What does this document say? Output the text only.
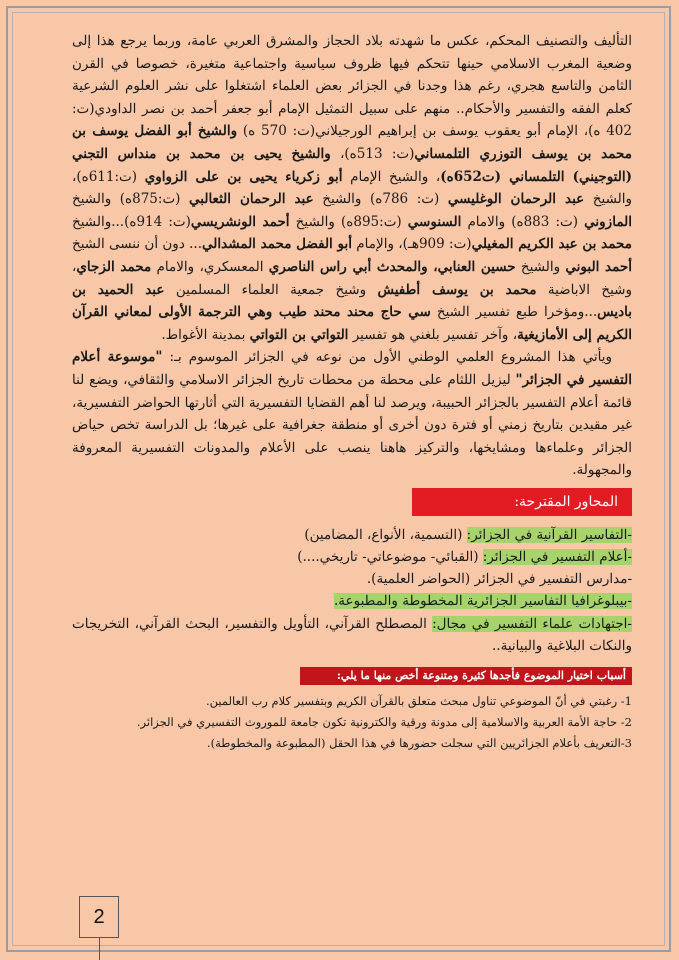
التأليف والتصنيف المحكم، عكس ما شهدته بلاد الحجاز والمشرق العربي عامة، وربما يرجع هذا إلى وضعية المغرب الاسلامي حينها تتحكم فيها ظروف سياسية واجتماعية متغيرة، خصوصا في القرن الثامن والتاسع هجري، رغم هذا وجدنا في الجزائر بعض العلماء اشتغلوا على نشر العلوم الشرعية كعلم الفقه والتفسير والأحكام.. منهم على سبيل التمثيل الإمام أبو جعفر أحمد بن نصر الداودي(ت: 402 ه)، الإمام أبو يعقوب يوسف بن إبراهيم الورجيلاني(ت: 570 ه) والشيخ أبو الفضل يوسف بن محمد بن يوسف التوزري التلمساني(ت: 513ه)، والشيخ يحيى بن محمد بن منداس التجني (التوجيني) التلمساني (ت652ه)، والشيخ الإمام أبو زكرياء يحيى بن على الزواوي (ت:611ه)، والشيخ عبد الرحمان الوغليسي (ت: 786ه) والشيخ عبد الرحمان الثعالبي (ت:875ه) والشيخ المازوني (ت: 883ه) والامام السنوسي (ت:895ه) والشيخ أحمد الونشريسي(ت: 914ه)...والشيخ محمد بن عبد الكريم المغيلي(ت: 909هـ)، والإمام أبو الفضل محمد المشدالي... دون أن ننسى الشيخ أحمد البوني والشيخ حسين العنابي، والمحدث أبي راس الناصري المعسكري، والامام محمد الزجاي، وشيخ الاباضية محمد بن يوسف أطفيش وشيخ جمعية العلماء المسلمين عبد الحميد بن باديس...ومؤخرا طبع تفسير الشيخ سي حاج محند محند طيب وهي الترجمة الأولى لمعاني القرآن الكريم إلى الأمازيغية، وآخر تفسير بلغني هو تفسير التواتي بن التواتي بمدينة الأغواط.

ويأتي هذا المشروع العلمي الوطني الأول من نوعه في الجزائر الموسوم بـ: "موسوعة أعلام التفسير في الجزائر" ليزيل اللثام على محطة من محطات تاريخ الجزائر الاسلامي والثقافي، ويضع لنا قائمة أعلام التفسير بالجزائر الحبيبة، ويرصد لنا أهم القضايا التفسيرية التي أثارتها الحواضر التفسيرية، غير مقيدين بتاريخ زمني أو فترة دون أخرى أو منطقة جغرافية على غيرها؛ بل الدراسة تخص حياض الجزائر وعلماءها ومشايخها، والتركيز هاهنا ينصب على الأعلام والمدونات التفسيرية المعروفة والمجهولة.

المحاور المقترحة:
-التفاسير القرآنية في الجزائر: (التسمية، الأنواع، المضامين)
-أعلام التفسير في الجزائر: (القبائي- موضوعاتي- تاريخي....)
-مدارس التفسير في الجزائر (الحواضر العلمية).
-بيبلوغرافيا التفاسير الجزائرية المخطوطة والمطبوعة.
-اجتهادات علماء التفسير في مجال: المصطلح القرآني، التأويل والتفسير، البحث القرآني، التخريجات والنكات البلاغية والبيانية..
أسباب اختيار الموضوع فأجدها كثيرة ومتنوعة أخص منها ما يلي:
1- رغبتي في أنّ الموضوعي تناول مبحث متعلق بالقرآن الكريم وبتفسير كلام رب العالمين.
2- حاجة الأمة العربية والاسلامية إلى مدونة ورقية والكترونية تكون جامعة للموروث التفسيري في الجزائر.
3-التعريف بأعلام الجزائريين التي سجلت حضورها في هذا الحقل (المطبوعة والمخطوطة).
2
